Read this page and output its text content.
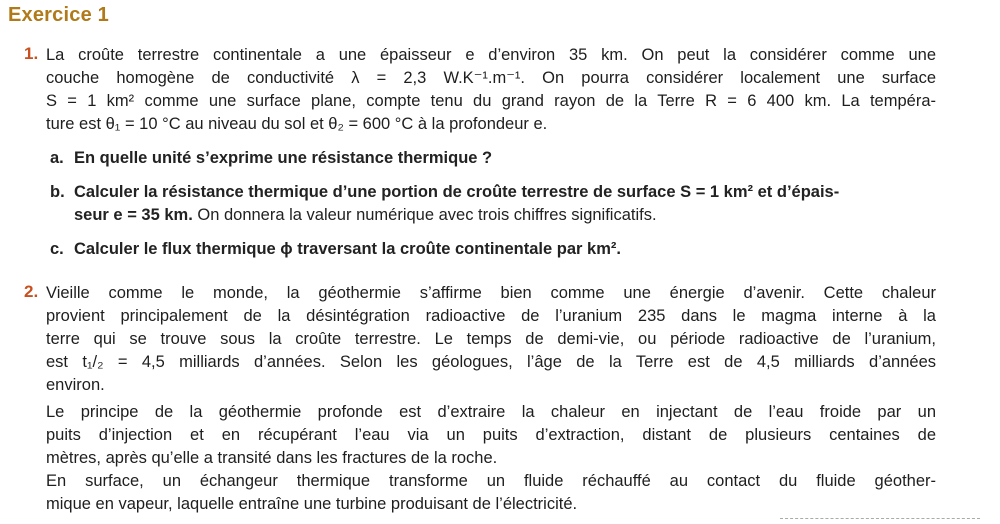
Exercice 1
1. La croûte terrestre continentale a une épaisseur e d’environ 35 km. On peut la considérer comme une
couche homogène de conductivité λ = 2,3 W.K⁻¹.m⁻¹. On pourra considérer localement une surface
S = 1 km² comme une surface plane, compte tenu du grand rayon de la Terre R = 6 400 km. La tempéra-
ture est θ₁ = 10 °C au niveau du sol et θ₂ = 600 °C à la profondeur e.
a. En quelle unité s’exprime une résistance thermique ?
b. Calculer la résistance thermique d’une portion de croûte terrestre de surface S = 1 km² et d’épais-
seur e = 35 km. On donnera la valeur numérique avec trois chiffres significatifs.
c. Calculer le flux thermique ϕ traversant la croûte continentale par km².
2. Vieille comme le monde, la géothermie s’affirme bien comme une énergie d’avenir. Cette chaleur
provient principalement de la désintégration radioactive de l’uranium 235 dans le magma interne à la
terre qui se trouve sous la croûte terrestre. Le temps de demi-vie, ou période radioactive de l’uranium,
est t₁/₂ = 4,5 milliards d’années. Selon les géologues, l’âge de la Terre est de 4,5 milliards d’années
environ.
Le principe de la géothermie profonde est d’extraire la chaleur en injectant de l’eau froide par un
puits d’injection et en récupérant l’eau via un puits d’extraction, distant de plusieurs centaines de
mètres, après qu’elle a transité dans les fractures de la roche.
En surface, un échangeur thermique transforme un fluide réchauffé au contact du fluide géother-
mique en vapeur, laquelle entraîne une turbine produisant de l’électricité.
